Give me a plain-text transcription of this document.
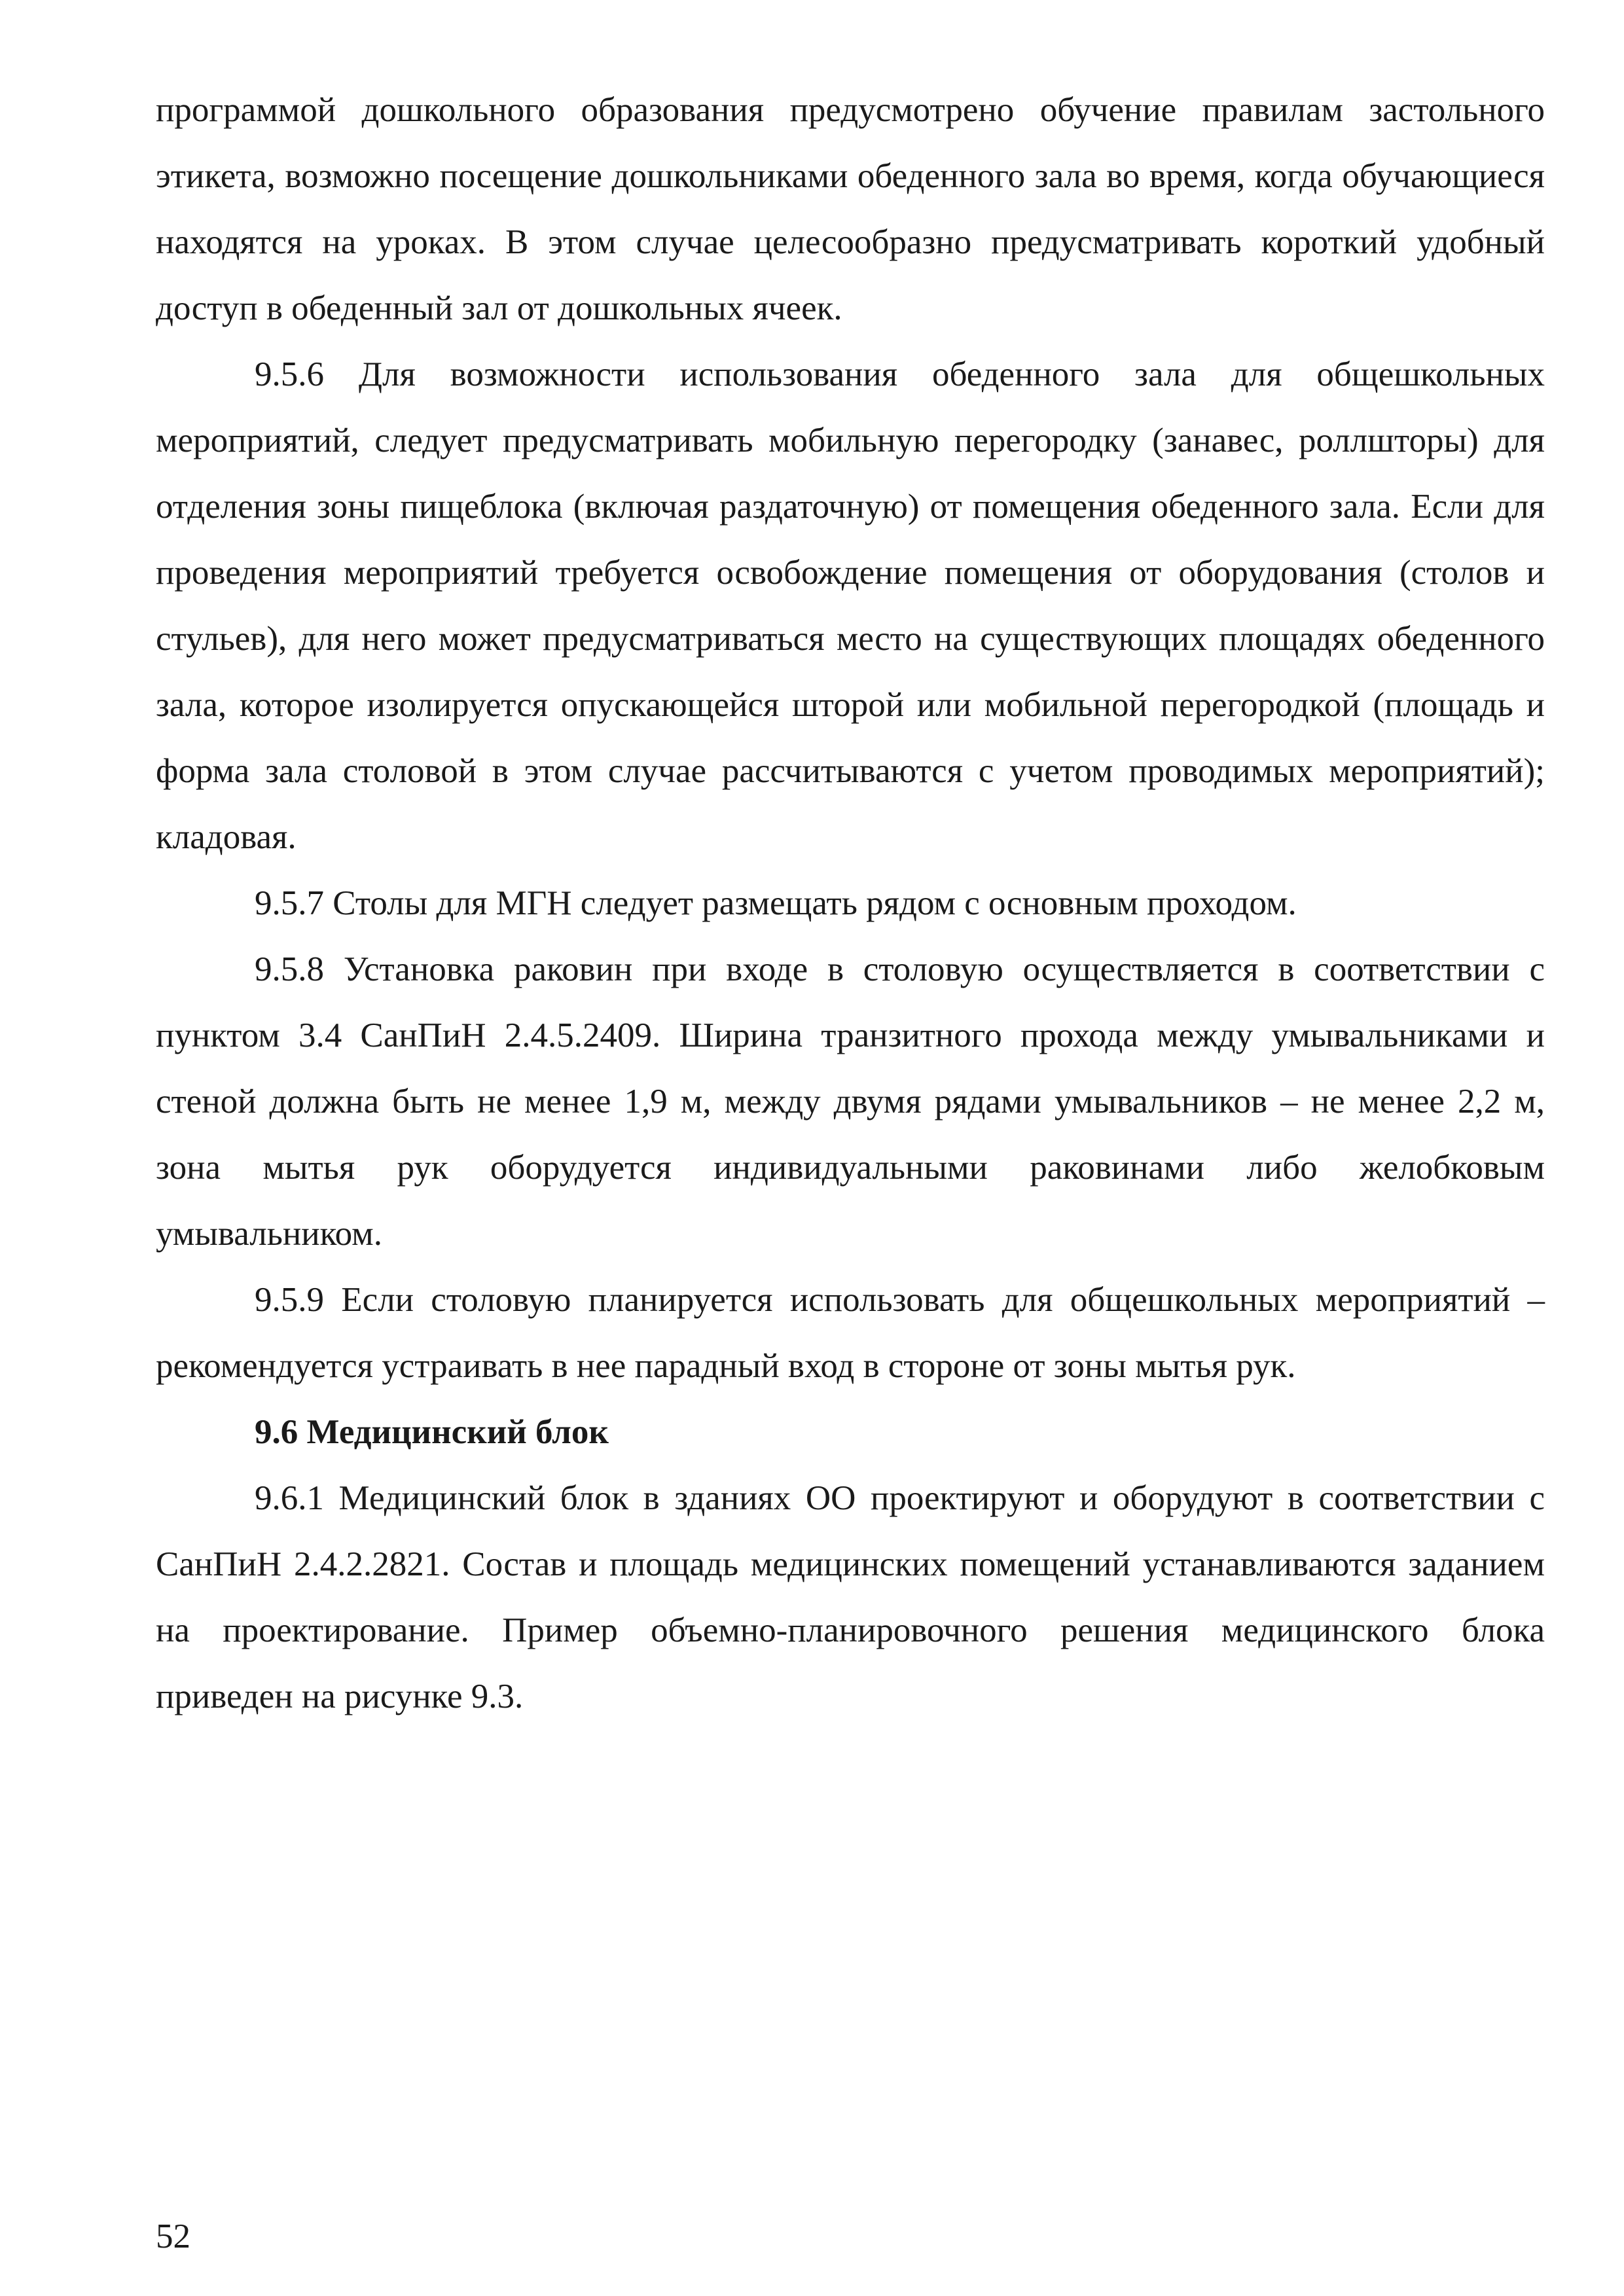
программой дошкольного образования предусмотрено обучение правилам застольного этикета, возможно посещение дошкольниками обеденного зала во время, когда обучающиеся находятся на уроках. В этом случае целесообразно предусматривать короткий удобный доступ в обеденный зал от дошкольных ячеек.

9.5.6 Для возможности использования обеденного зала для общешкольных мероприятий, следует предусматривать мобильную перегородку (занавес, роллшторы) для отделения зоны пищеблока (включая раздаточную) от помещения обеденного зала. Если для проведения мероприятий требуется освобождение помещения от оборудования (столов и стульев), для него может предусматриваться место на существующих площадях обеденного зала, которое изолируется опускающейся шторой или мобильной перегородкой (площадь и форма зала столовой в этом случае рассчитываются с учетом проводимых мероприятий); кладовая.

9.5.7 Столы для МГН следует размещать рядом с основным проходом.

9.5.8 Установка раковин при входе в столовую осуществляется в соответствии с пунктом 3.4 СанПиН 2.4.5.2409. Ширина транзитного прохода между умывальниками и стеной должна быть не менее 1,9 м, между двумя рядами умывальников – не менее 2,2 м, зона мытья рук оборудуется индивидуальными раковинами либо желобковым умывальником.

9.5.9 Если столовую планируется использовать для общешкольных мероприятий – рекомендуется устраивать в нее парадный вход в стороне от зоны мытья рук.

9.6 Медицинский блок

9.6.1 Медицинский блок в зданиях ОО проектируют и оборудуют в соответствии с СанПиН 2.4.2.2821. Состав и площадь медицинских помещений устанавливаются заданием на проектирование. Пример объемно-планировочного решения медицинского блока приведен на рисунке 9.3.

52
